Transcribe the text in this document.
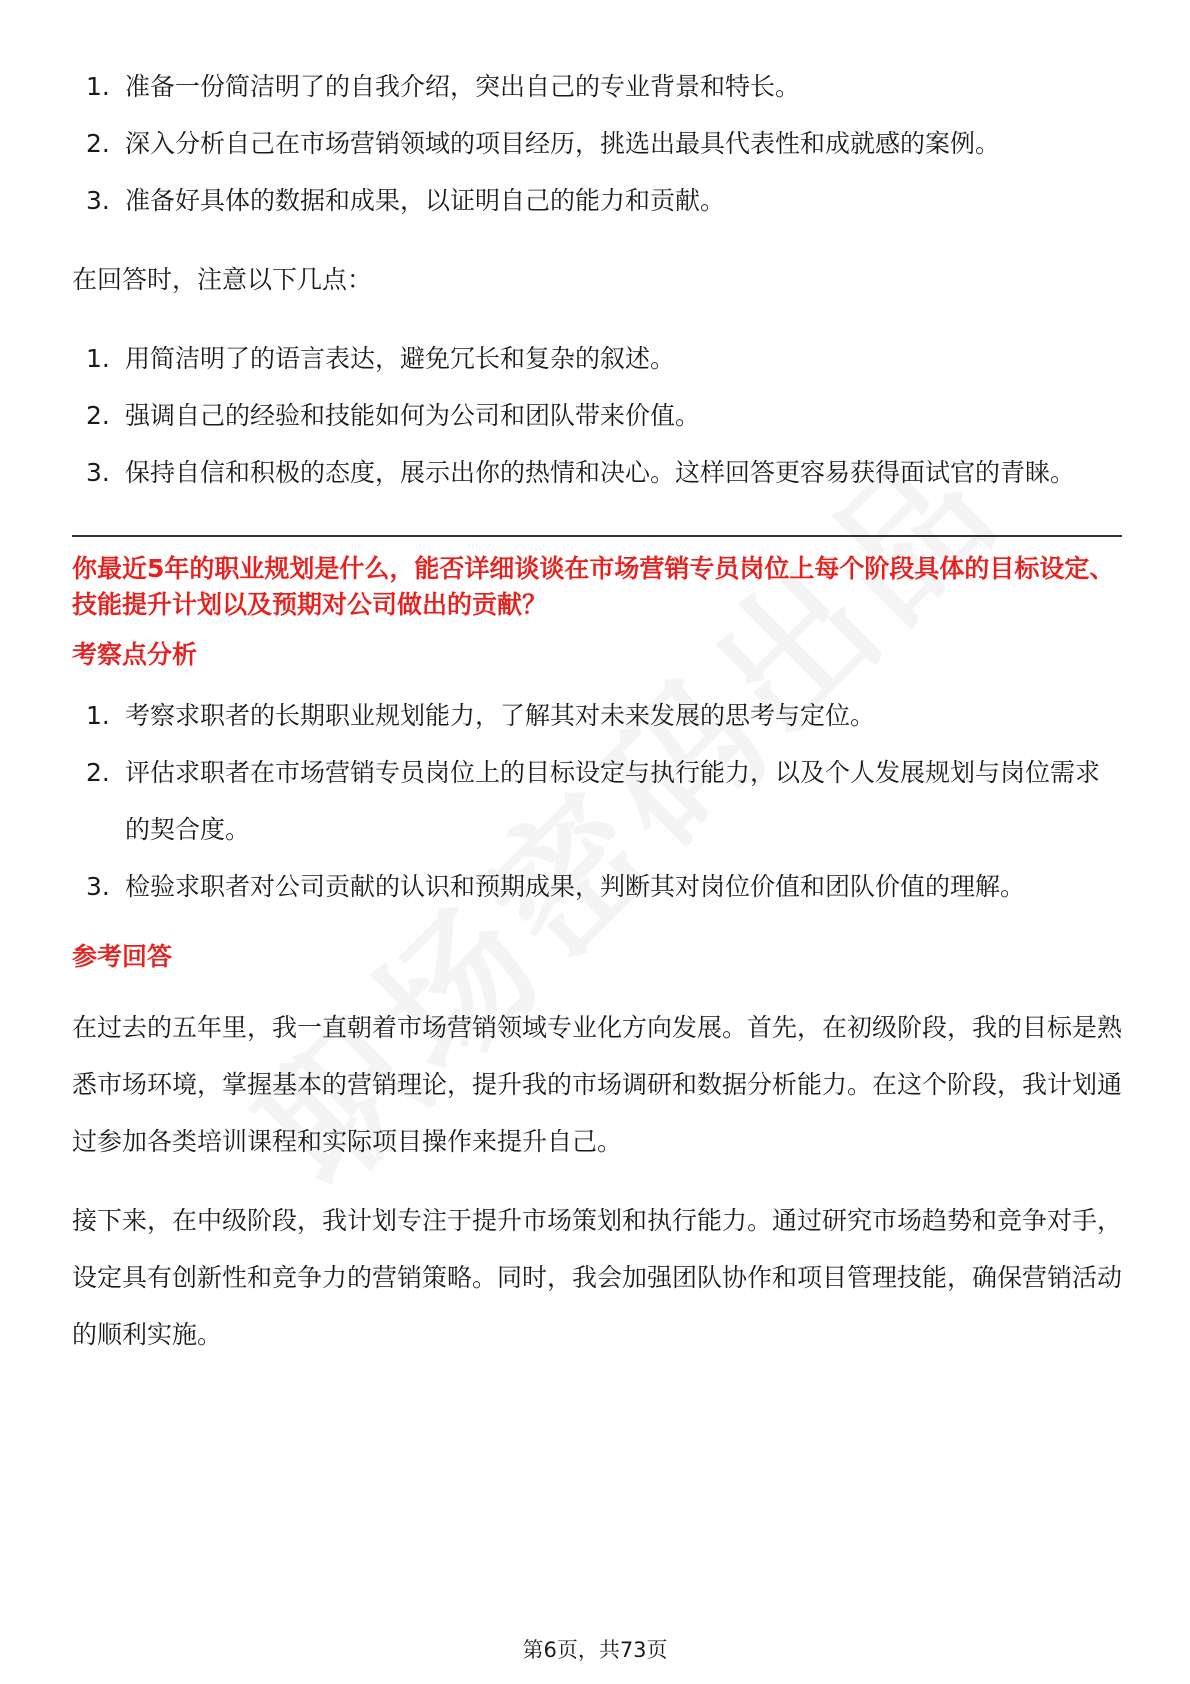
1. 准备一份简洁明了的自我介绍，突出自己的专业背景和特长。
2. 深入分析自己在市场营销领域的项目经历，挑选出最具代表性和成就感的案例。
3. 准备好具体的数据和成果，以证明自己的能力和贡献。

在回答时，注意以下几点：

1. 用简洁明了的语言表达，避免冗长和复杂的叙述。
2. 强调自己的经验和技能如何为公司和团队带来价值。
3. 保持自信和积极的态度，展示出你的热情和决心。这样回答更容易获得面试官的青睐。

你最近5年的职业规划是什么，能否详细谈谈在市场营销专员岗位上每个阶段具体的目标设定、技能提升计划以及预期对公司做出的贡献？

考察点分析

1. 考察求职者的长期职业规划能力，了解其对未来发展的思考与定位。
2. 评估求职者在市场营销专员岗位上的目标设定与执行能力，以及个人发展规划与岗位需求的契合度。
3. 检验求职者对公司贡献的认识和预期成果，判断其对岗位价值和团队价值的理解。

参考回答

在过去的五年里，我一直朝着市场营销领域专业化方向发展。首先，在初级阶段，我的目标是熟悉市场环境，掌握基本的营销理论，提升我的市场调研和数据分析能力。在这个阶段，我计划通过参加各类培训课程和实际项目操作来提升自己。

接下来，在中级阶段，我计划专注于提升市场策划和执行能力。通过研究市场趋势和竞争对手，设定具有创新性和竞争力的营销策略。同时，我会加强团队协作和项目管理技能，确保营销活动的顺利实施。

第6页，共73页
